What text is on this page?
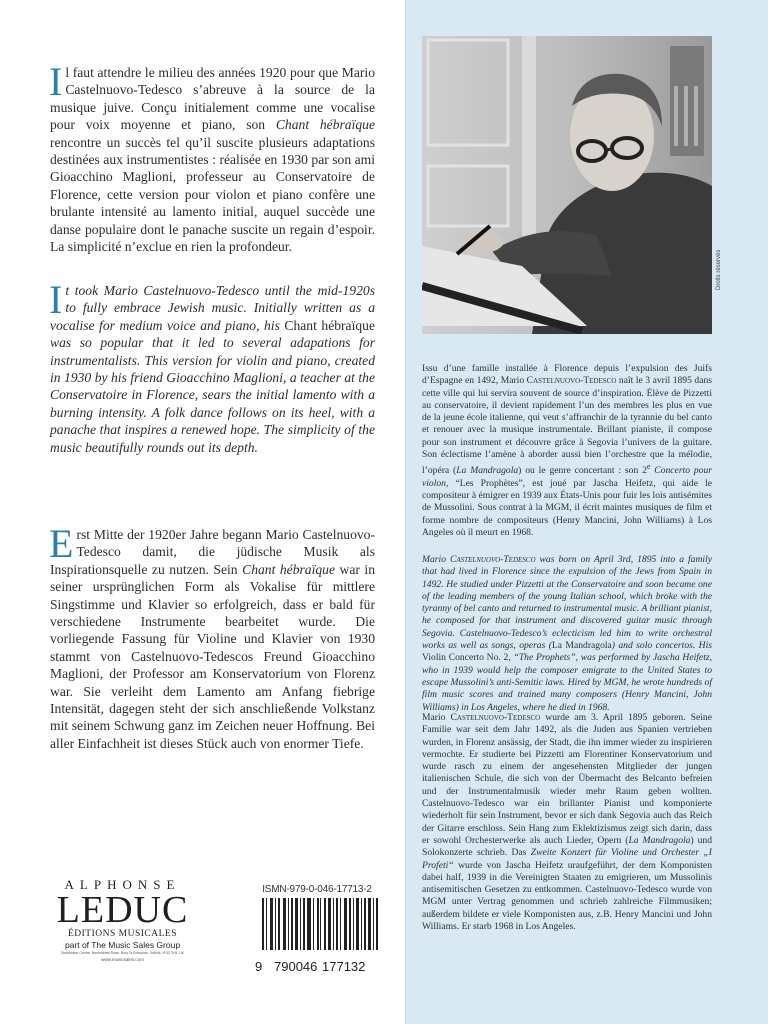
Il faut attendre le milieu des années 1920 pour que Mario Castelnuovo-Tedesco s’abreuve à la source de la musique juive. Conçu initialement comme une vocalise pour voix moyenne et piano, son Chant hébraïque rencontre un succès tel qu’il suscite plusieurs adaptations destinées aux instrumentistes : réalisée en 1930 par son ami Gioacchino Maglioni, professeur au Conservatoire de Florence, cette version pour violon et piano confère une brulante intensité au lamento initial, auquel succède une danse populaire dont le panache suscite un regain d’espoir. La simplicité n’exclue en rien la profondeur.

It took Mario Castelnuovo-Tedesco until the mid-1920s to fully embrace Jewish music. Initially written as a vocalise for medium voice and piano, his Chant hébraïque was so popular that it led to several adapations for instrumentalists. This version for violin and piano, created in 1930 by his friend Gioacchino Maglioni, a teacher at the Conservatoire in Florence, sears the initial lamento with a burning intensity. A folk dance follows on its heel, with a panache that inspires a renewed hope. The simplicity of the music beautifully rounds out its depth.

Erst Mitte der 1920er Jahre begann Mario Castelnuovo-Tedesco damit, die jüdische Musik als Inspirationsquelle zu nutzen. Sein Chant hébraïque war in seiner ursprünglichen Form als Vokalise für mittlere Singstimme und Klavier so erfolgreich, dass er bald für verschiedene Instrumente bearbeitet wurde. Die vorliegende Fassung für Violine und Klavier von 1930 stammt von Castelnuovo-Tedescos Freund Gioacchino Maglioni, der Professor am Konservatorium von Florenz war. Sie verleiht dem Lamento am Anfang fiebrige Intensität, dagegen steht der sich anschließende Volkstanz mit seinem Schwung ganz im Zeichen neuer Hoffnung. Bei aller Einfachheit ist dieses Stück auch von enormer Tiefe.

ALPHONSE
LEDUC
ÉDITIONS MUSICALES
part of The Music Sales Group
Distribution Centre, Newmarket Road, Bury St Edmunds, Suffolk, IP33 3YB, UK
www.musicsales.com
ISMN-979-0-046-17713-2
9 790046 177132
Droits réservés

Issu d’une famille installée à Florence depuis l’expulsion des Juifs d’Espagne en 1492, Mario Castelnuovo-Tedesco naît le 3 avril 1895 dans cette ville qui lui servira souvent de source d’inspiration. Élève de Pizzetti au conservatoire, il devient rapidement l’un des membres les plus en vue de la jeune école italienne, qui veut s’affranchir de la tyrannie du bel canto et renouer avec la musique instrumentale. Brillant pianiste, il compose pour son instrument et découvre grâce à Segovia l’univers de la guitare. Son éclectisme l’amène à aborder aussi bien l’orchestre que la mélodie, l’opéra (La Mandragola) ou le genre concertant : son 2e Concerto pour violon, “Les Prophètes”, est joué par Jascha Heifetz, qui aide le compositeur à émigrer en 1939 aux États-Unis pour fuir les lois antisémites de Mussolini. Sous contrat à la MGM, il écrit maintes musiques de film et forme nombre de compositeurs (Henry Mancini, John Williams) à Los Angeles où il meurt en 1968.

Mario Castelnuovo-Tedesco was born on April 3rd, 1895 into a family that had lived in Florence since the expulsion of the Jews from Spain in 1492. He studied under Pizzetti at the Conservatoire and soon became one of the leading members of the young Italian school, which broke with the tyranny of bel canto and returned to instrumental music. A brilliant pianist, he composed for that instrument and discovered guitar music through Segovia. Castelnuovo-Tedesco’s eclecticism led him to write orchestral works as well as songs, operas (La Mandragola) and solo concertos. His Violin Concerto No. 2, “The Prophets”, was performed by Jascha Heifetz, who in 1939 would help the composer emigrate to the United States to escape Mussolini’s anti-Semitic laws. Hired by MGM, he wrote hundreds of film music scores and trained many composers (Henry Mancini, John Williams) in Los Angeles, where he died in 1968.

Mario Castelnuovo-Tedesco wurde am 3. April 1895 geboren. Seine Familie war seit dem Jahr 1492, als die Juden aus Spanien vertrieben wurden, in Florenz ansässig, der Stadt, die ihn immer wieder zu inspirieren vermochte. Er studierte bei Pizzetti am Florentiner Konservatorium und wurde rasch zu einem der angesehensten Mitglieder der jungen italienischen Schule, die sich von der Übermacht des Belcanto befreien und der Instrumentalmusik wieder mehr Raum geben wollten. Castelnuovo-Tedesco war ein brillanter Pianist und komponierte wiederholt für sein Instrument, bevor er sich dank Segovia auch das Reich der Gitarre erschloss. Sein Hang zum Eklektizismus zeigt sich darin, dass er sowohl Orchesterwerke als auch Lieder, Opern (La Mandragola) und Solokonzerte schrieb. Das Zweite Konzert für Violine und Orchester „I Profeti“ wurde von Jascha Heifetz uraufgeführt, der dem Komponisten dabei half, 1939 in die Vereinigten Staaten zu emigrieren, um Mussolinis antisemitischen Gesetzen zu entkommen. Castelnuovo-Tedesco wurde von MGM unter Vertrag genommen und schrieb zahlreiche Filmmusiken; außerdem bildete er viele Komponisten aus, z.B. Henry Mancini und John Williams. Er starb 1968 in Los Angeles.
